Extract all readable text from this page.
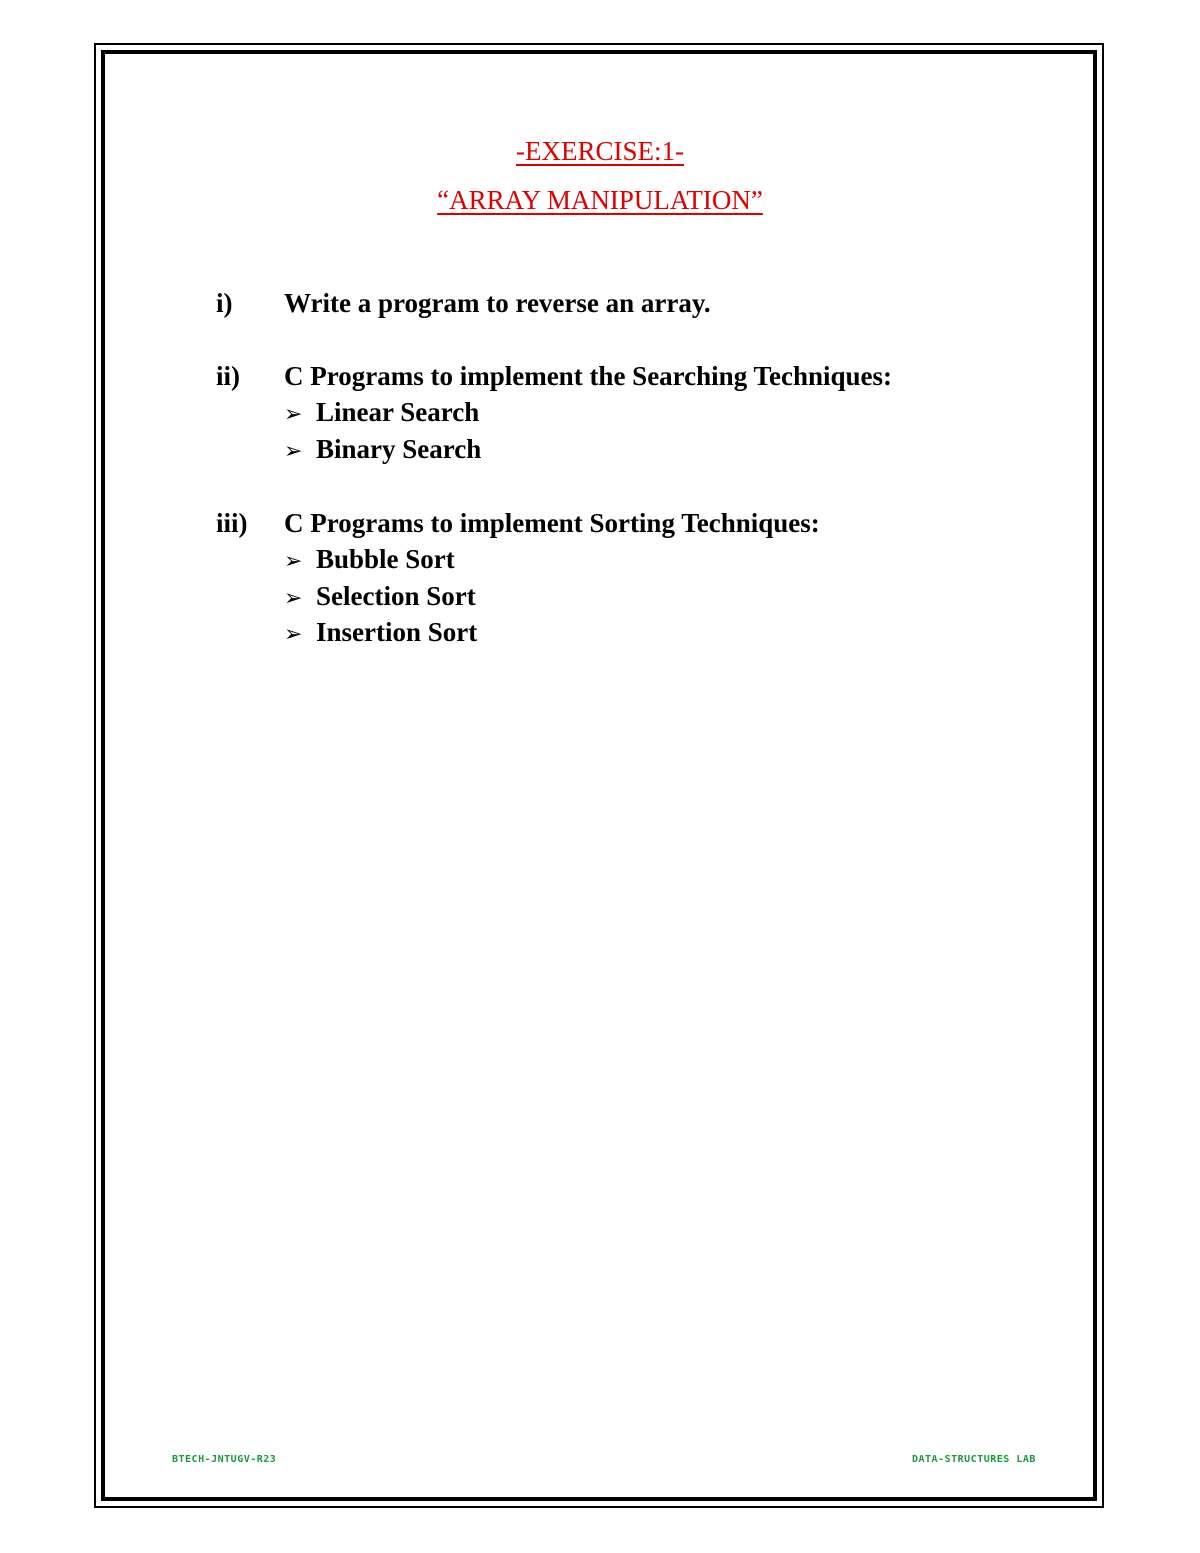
-EXERCISE:1-
“ARRAY MANIPULATION”
i) Write a program to reverse an array.
ii) C Programs to implement the Searching Techniques:
➢ Linear Search
➢ Binary Search
iii) C Programs to implement Sorting Techniques:
➢ Bubble Sort
➢ Selection Sort
➢ Insertion Sort
BTECH-JNTUGV-R23	DATA-STRUCTURES LAB
